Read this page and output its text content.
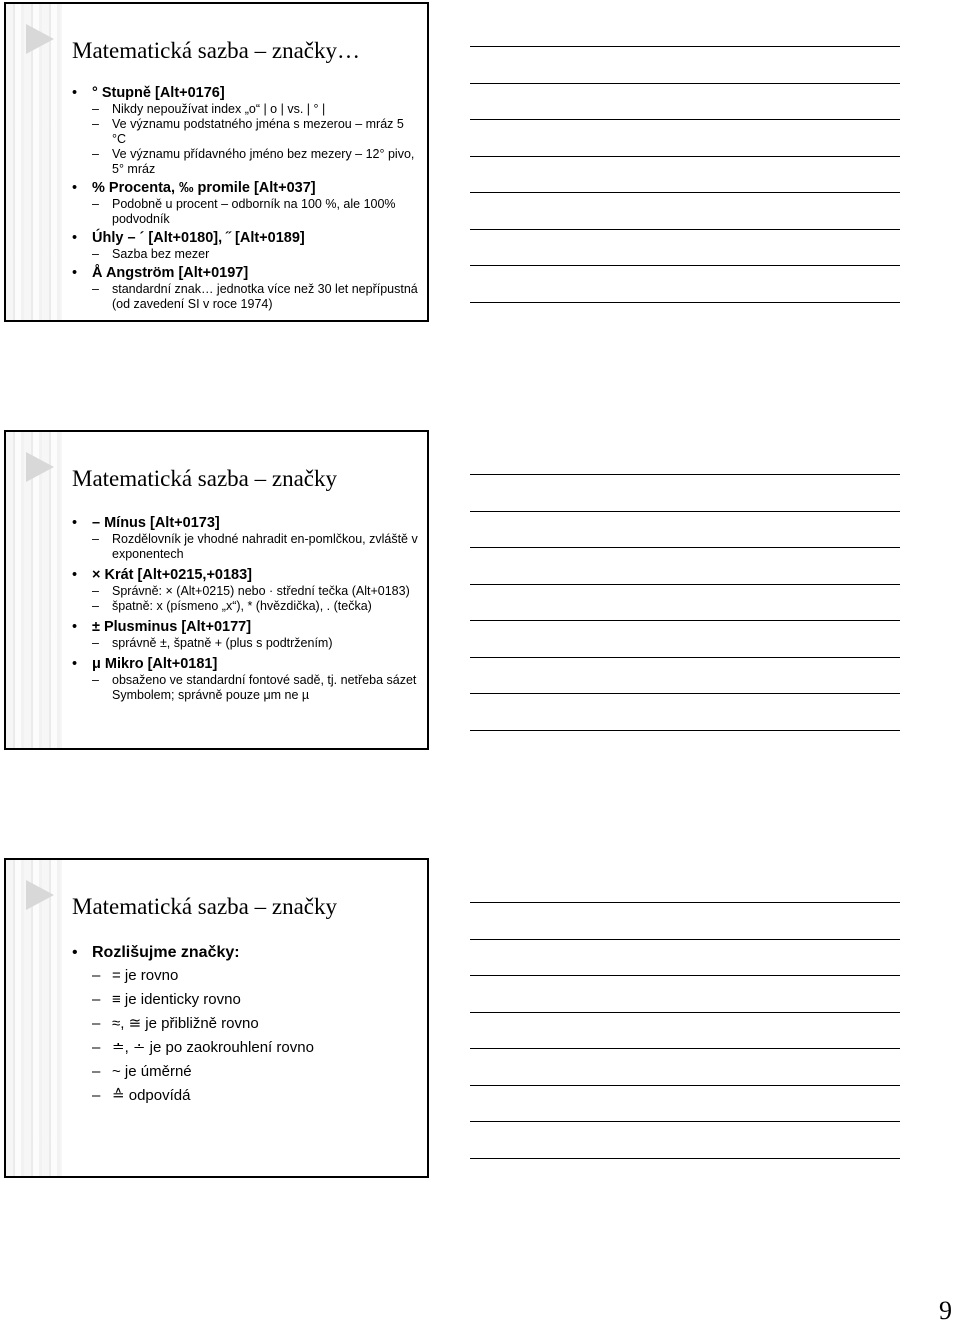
Matematická sazba – značky…
• ° Stupně [Alt+0176]
– Nikdy nepoužívat index „o“ | o | vs. | ° |
– Ve významu podstatného jména s mezerou – mráz 5 °C
– Ve významu přídavného jméno bez mezery – 12° pivo, 5° mráz
• % Procenta, ‰ promile [Alt+037]
– Podobně u procent – odborník na 100 %, ale 100% podvodník
• Úhly – ´ [Alt+0180], ˝ [Alt+0189]
– Sazba bez mezer
• Å Angström [Alt+0197]
– standardní znak… jednotka více než 30 let nepřípustná (od zavedení SI v roce 1974)
Matematická sazba – značky
• – Mínus [Alt+0173]
– Rozdělovník je vhodné nahradit en-pomlčkou, zvláště v exponentech
• × Krát [Alt+0215,+0183]
– Správně: × (Alt+0215) nebo · střední tečka (Alt+0183)
– špatně: x (písmeno „x“), * (hvězdička), . (tečka)
• ± Plusminus [Alt+0177]
– správně ±, špatně + (plus s podtržením)
• μ Mikro [Alt+0181]
– obsaženo ve standardní fontové sadě, tj. netřeba sázet Symbolem; správně pouze μm ne µ
Matematická sazba – značky
• Rozlišujme značky:
– = je rovno
– ≡ je identicky rovno
– ≈, ≅ je přibližně rovno
– ≐, ∸ je po zaokrouhlení rovno
– ~ je úměrné
– ≙ odpovídá
9
